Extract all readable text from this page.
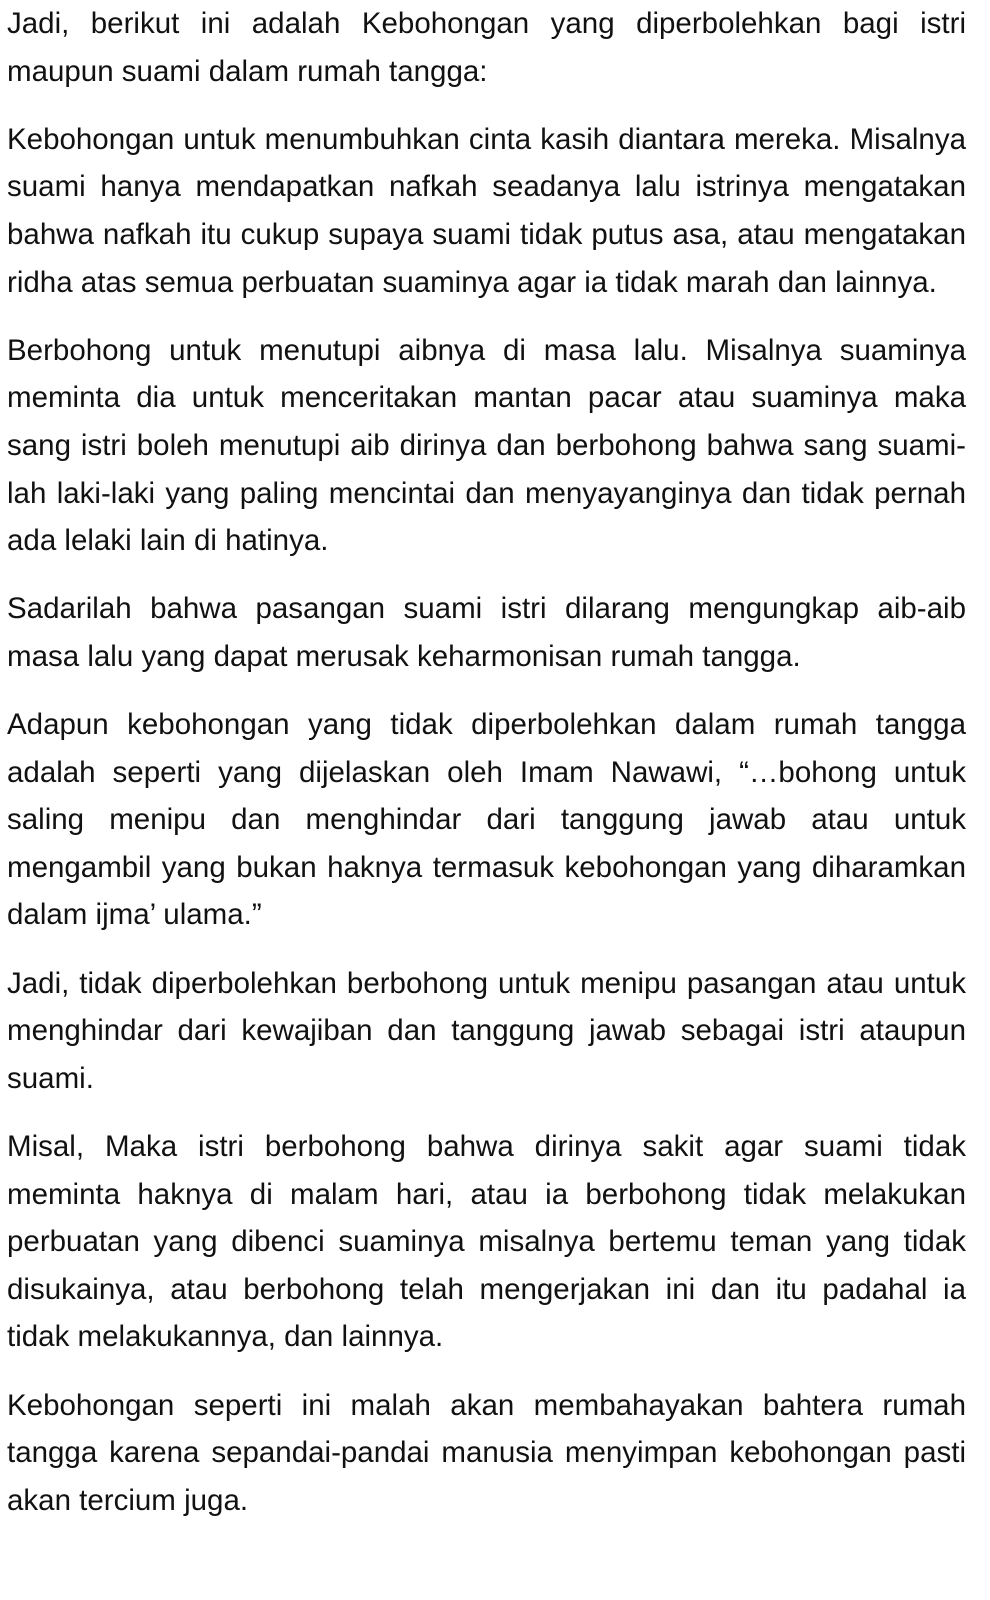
Jadi, berikut ini adalah Kebohongan yang diperbolehkan bagi istri maupun suami dalam rumah tangga:

Kebohongan untuk menumbuhkan cinta kasih diantara mereka. Misalnya suami hanya mendapatkan nafkah seadanya lalu istrinya mengatakan bahwa nafkah itu cukup supaya suami tidak putus asa, atau mengatakan ridha atas semua perbuatan suaminya agar ia tidak marah dan lainnya.

Berbohong untuk menutupi aibnya di masa lalu. Misalnya suaminya meminta dia untuk menceritakan mantan pacar atau suaminya maka sang istri boleh menutupi aib dirinya dan berbohong bahwa sang suami-lah laki-laki yang paling mencintai dan menyayanginya dan tidak pernah ada lelaki lain di hatinya.

Sadarilah bahwa pasangan suami istri dilarang mengungkap aib-aib masa lalu yang dapat merusak keharmonisan rumah tangga.

Adapun kebohongan yang tidak diperbolehkan dalam rumah tangga adalah seperti yang dijelaskan oleh Imam Nawawi, “…bohong untuk saling menipu dan menghindar dari tanggung jawab atau untuk mengambil yang bukan haknya termasuk kebohongan yang diharamkan dalam ijma’ ulama.”

Jadi, tidak diperbolehkan berbohong untuk menipu pasangan atau untuk menghindar dari kewajiban dan tanggung jawab sebagai istri ataupun suami.

Misal, Maka istri berbohong bahwa dirinya sakit agar suami tidak meminta haknya di malam hari, atau ia berbohong tidak melakukan perbuatan yang dibenci suaminya misalnya bertemu teman yang tidak disukainya, atau berbohong telah mengerjakan ini dan itu padahal ia tidak melakukannya, dan lainnya.

Kebohongan seperti ini malah akan membahayakan bahtera rumah tangga karena sepandai-pandai manusia menyimpan kebohongan pasti akan tercium juga.
